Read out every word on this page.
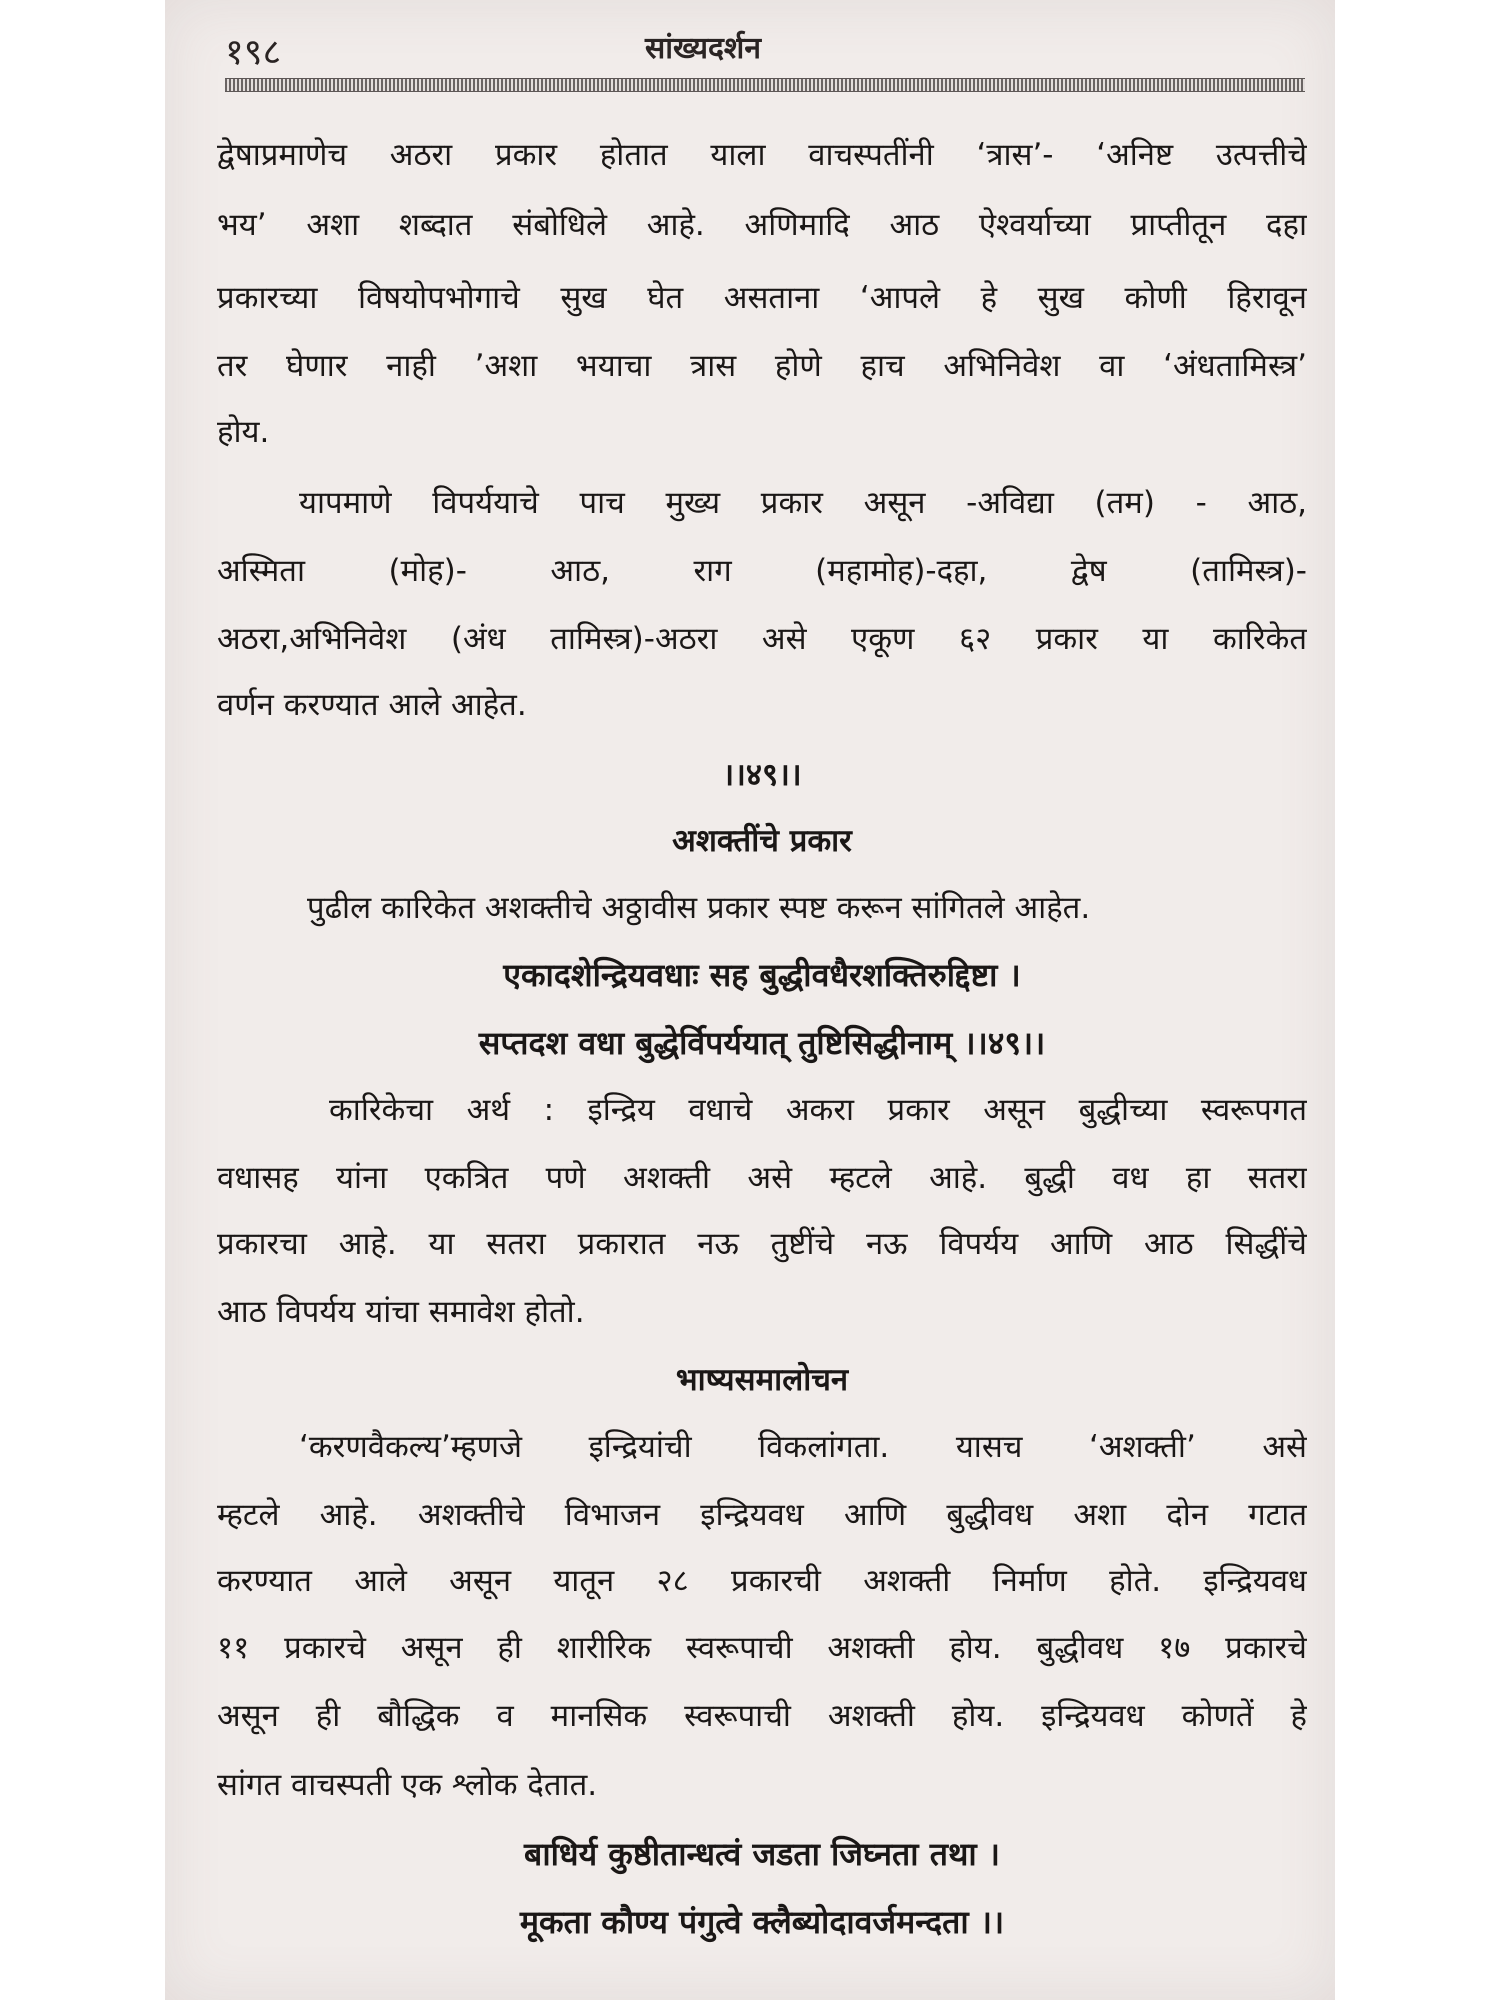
१९८	सांख्यदर्शन
द्वेषाप्रमाणेच अठरा प्रकार होतात याला वाचस्पतींनी ‘त्रास’- ‘अनिष्ट उत्पत्तीचे
भय’ अशा शब्दात संबोधिले आहे. अणिमादि आठ ऐश्वर्याच्या प्राप्तीतून दहा
प्रकारच्या विषयोपभोगाचे सुख घेत असताना ‘आपले हे सुख कोणी हिरावून
तर घेणार नाही ’अशा भयाचा त्रास होणे हाच अभिनिवेश वा ‘अंधतामिस्त्र’
होय.
यापमाणे विपर्ययाचे पाच मुख्य प्रकार असून -अविद्या (तम) - आठ,
अस्मिता (मोह)- आठ, राग (महामोह)-दहा, द्वेष (तामिस्त्र)-
अठरा,अभिनिवेश (अंध तामिस्त्र)-अठरा असे एकूण ६२ प्रकार या कारिकेत
वर्णन करण्यात आले आहेत.
।।४९।।
अशक्तींचे प्रकार
पुढील कारिकेत अशक्तीचे अठ्ठावीस प्रकार स्पष्ट करून सांगितले आहेत.
एकादशेन्द्रियवधाः सह बुद्धीवधैरशक्तिरुद्दिष्टा ।
सप्तदश वधा बुद्धेर्विपर्ययात् तुष्टिसिद्धीनाम् ।।४९।।
कारिकेचा अर्थ : इन्द्रिय वधाचे अकरा प्रकार असून बुद्धीच्या स्वरूपगत
वधासह यांना एकत्रित पणे अशक्ती असे म्हटले आहे. बुद्धी वध हा सतरा
प्रकारचा आहे. या सतरा प्रकारात नऊ तुष्टींचे नऊ विपर्यय आणि आठ सिद्धींचे
आठ विपर्यय यांचा समावेश होतो.
भाष्यसमालोचन
‘करणवैकल्य’म्हणजे इन्द्रियांची विकलांगता. यासच ‘अशक्ती’ असे
म्हटले आहे. अशक्तीचे विभाजन इन्द्रियवध आणि बुद्धीवध अशा दोन गटात
करण्यात आले असून यातून २८ प्रकारची अशक्ती निर्माण होते. इन्द्रियवध
११ प्रकारचे असून ही शारीरिक स्वरूपाची अशक्ती होय. बुद्धीवध १७ प्रकारचे
असून ही बौद्धिक व मानसिक स्वरूपाची अशक्ती होय. इन्द्रियवध कोणतें हे
सांगत वाचस्पती एक श्लोक देतात.
बाधिर्य कुष्ठीतान्धत्वं जडता जिघ्नता तथा ।
मूकता कौण्य पंगुत्वे क्लैब्योदावर्जमन्दता ।।
